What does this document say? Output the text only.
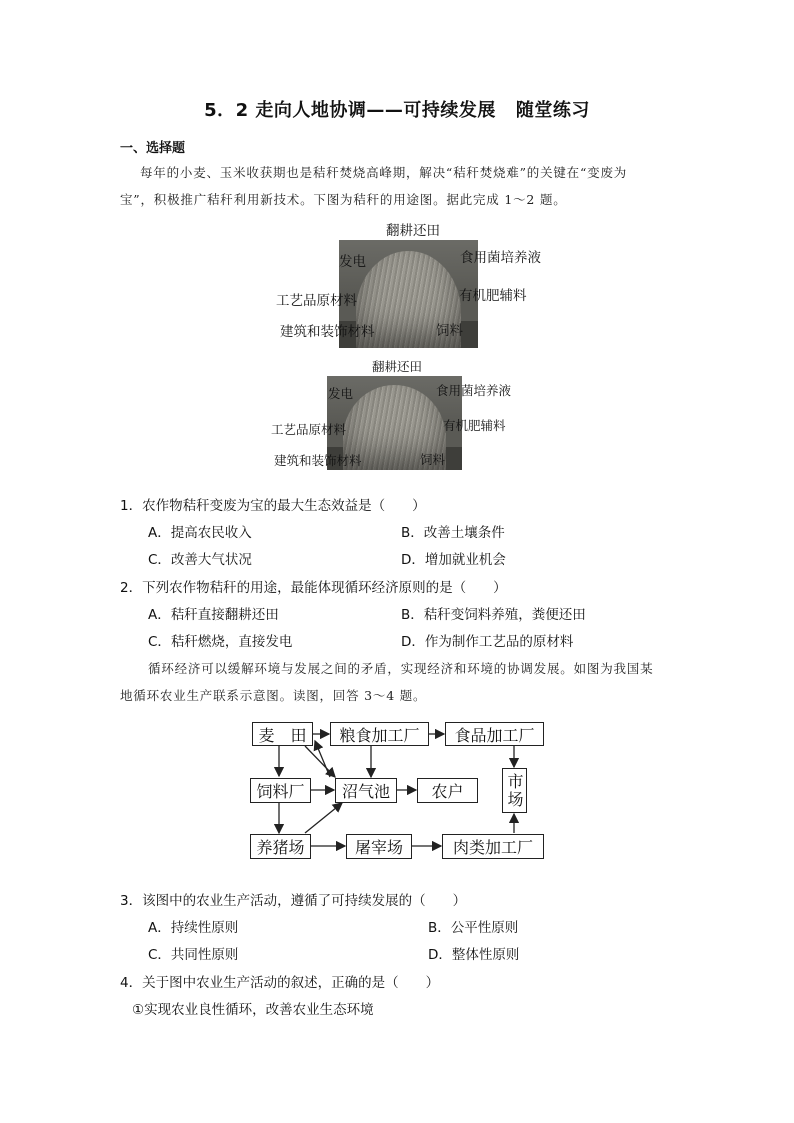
5．2 走向人地协调——可持续发展 随堂练习
一、选择题
每年的小麦、玉米收获期也是秸秆焚烧高峰期，解决“秸秆焚烧难”的关键在“变废为
宝”，积极推广秸秆利用新技术。下图为秸秆的用途图。据此完成 1～2 题。
翻耕还田
发电	食用菌培养液
工艺品原材料	有机肥辅料
建筑和装饰材料	饲料
翻耕还田
发电	食用菌培养液
工艺品原材料	有机肥辅料
建筑和装饰材料	饲料
1．农作物秸秆变废为宝的最大生态效益是（　　）
A．提高农民收入	B．改善土壤条件
C．改善大气状况	D．增加就业机会
2．下列农作物秸秆的用途，最能体现循环经济原则的是（　　）
A．秸秆直接翻耕还田	B．秸秆变饲料养殖，粪便还田
C．秸秆燃烧，直接发电	D．作为制作工艺品的原材料
循环经济可以缓解环境与发展之间的矛盾，实现经济和环境的协调发展。如图为我国某
地循环农业生产联系示意图。读图，回答 3～4 题。
麦　田	粮食加工厂	食品加工厂
饲料厂	沼气池	农户	市场
养猪场	屠宰场	肉类加工厂
3．该图中的农业生产活动，遵循了可持续发展的（　　）
A．持续性原则	B．公平性原则
C．共同性原则	D．整体性原则
4．关于图中农业生产活动的叙述，正确的是（　　）
①实现农业良性循环，改善农业生态环境
